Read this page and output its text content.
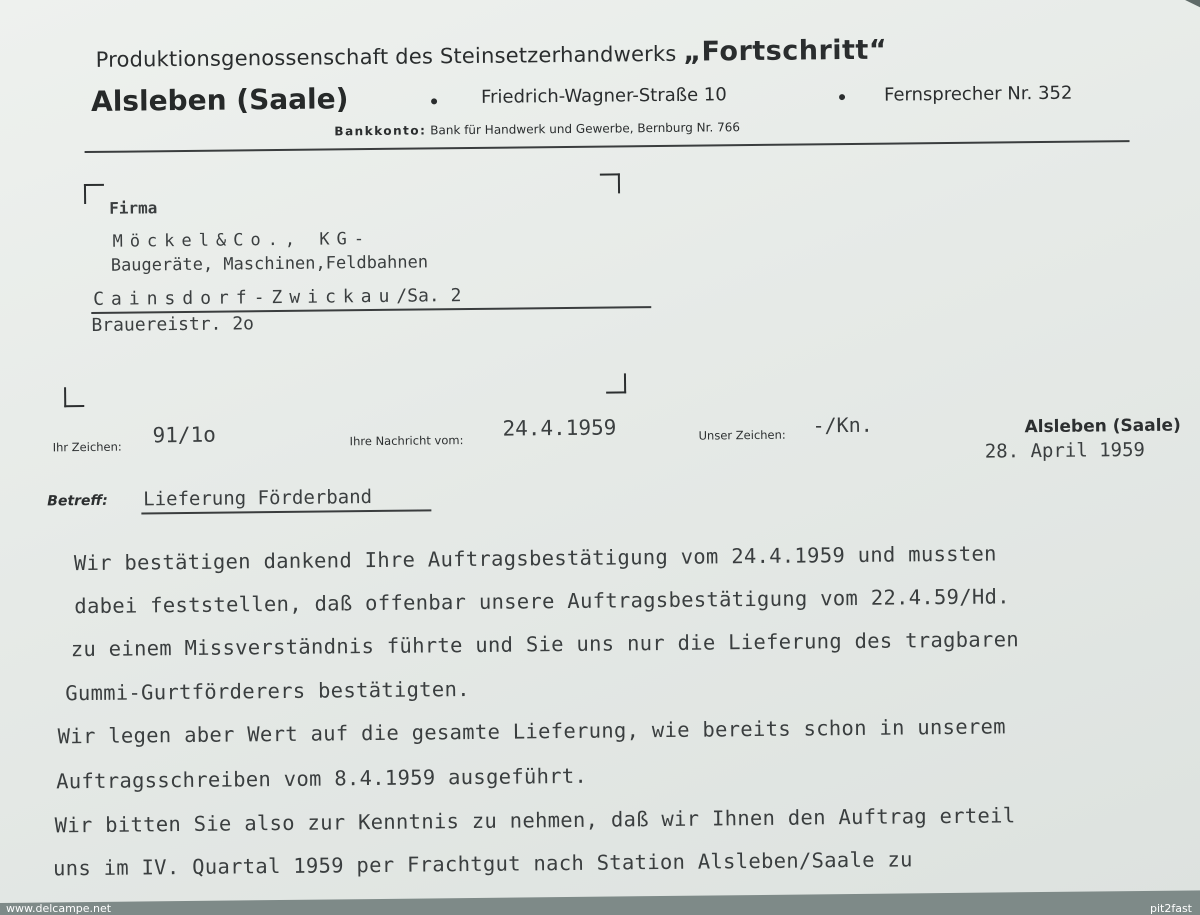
Produktionsgenossenschaft des Steinsetzerhandwerks „Fortschritt“
Alsleben (Saale)	Friedrich-Wagner-Straße 10	Fernsprecher Nr. 352
Bankkonto: Bank für Handwerk und Gewerbe, Bernburg Nr. 766
Firma
Möckel&Co., KG-
Baugeräte, Maschinen,Feldbahnen
Cainsdorf-Zwickau/Sa. 2
Brauereistr. 2o
Ihr Zeichen: 91/1o	Ihre Nachricht vom:
24.4.1959	Unser Zeichen: -/Kn.	Alsleben (Saale)
28. April 1959
Betreff: Lieferung Förderband
Wir bestätigen dankend Ihre Auftragsbestätigung vom 24.4.1959 und mussten
dabei feststellen, daß offenbar unsere Auftragsbestätigung vom 22.4.59/Hd.
zu einem Missverständnis führte und Sie uns nur die Lieferung des tragbaren
Gummi-Gurtförderers bestätigten.
Wir legen aber Wert auf die gesamte Lieferung, wie bereits schon in unserem
Auftragsschreiben vom 8.4.1959 ausgeführt.
Wir bitten Sie also zur Kenntnis zu nehmen, daß wir Ihnen den Auftrag erteil
uns im IV. Quartal 1959 per Frachtgut nach Station Alsleben/Saale zu
www.delcampe.net	pit2fast
